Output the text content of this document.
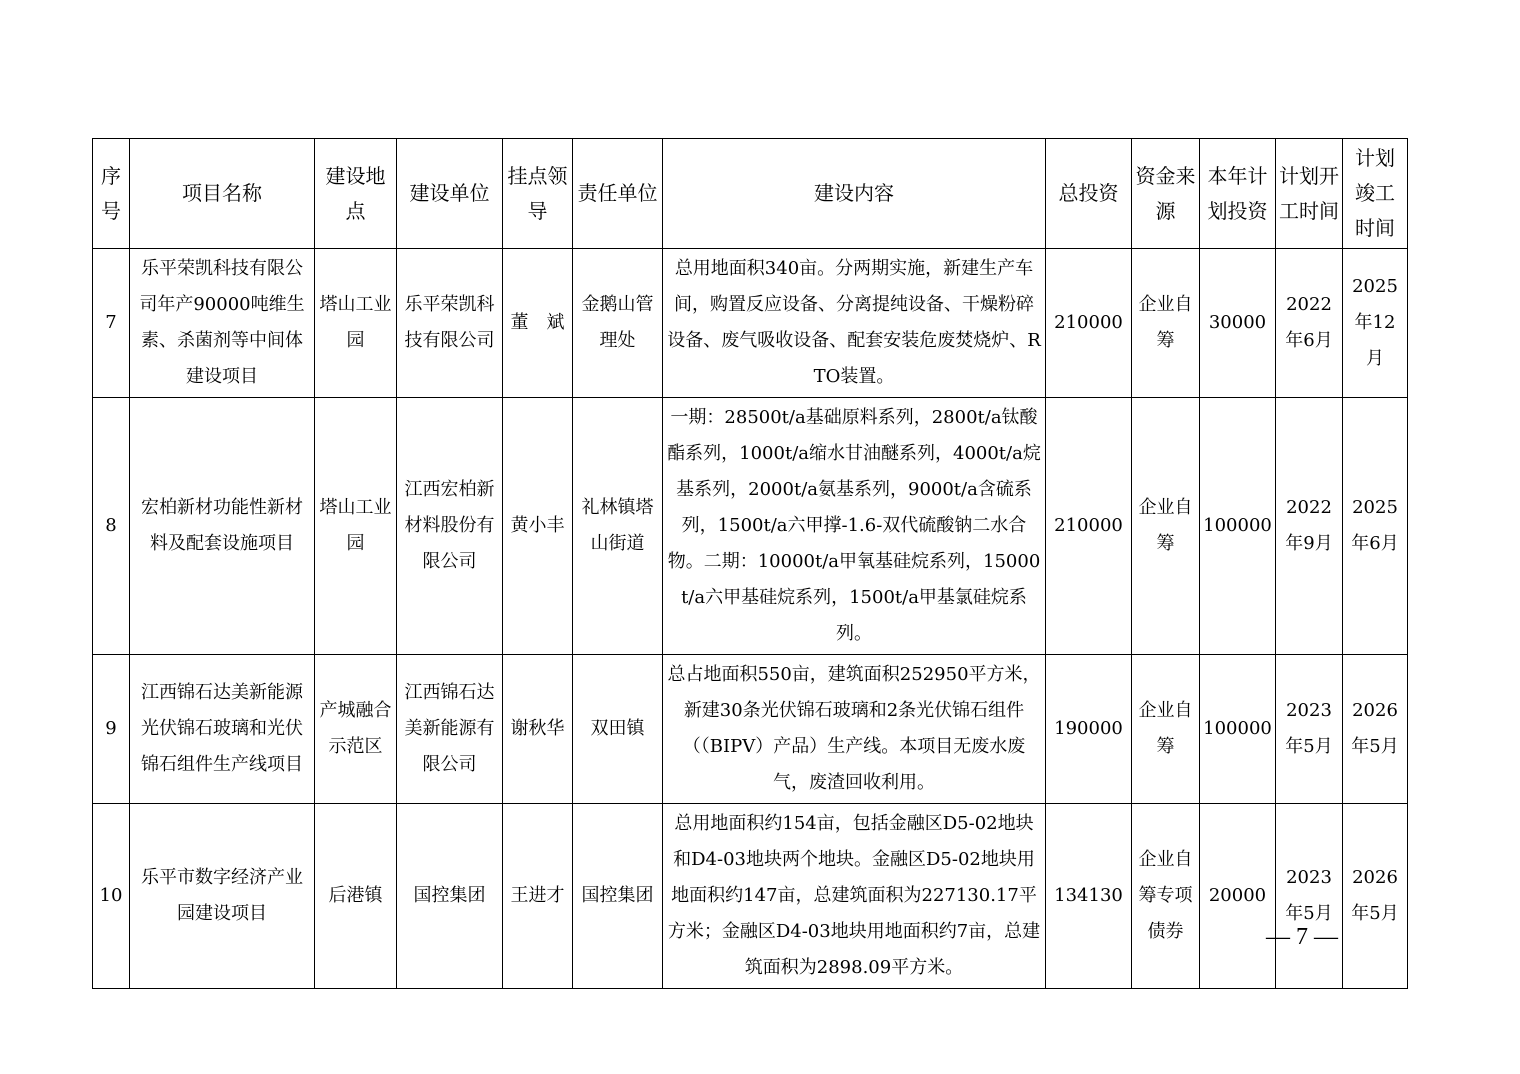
序号	项目名称	建设地点	建设单位	挂点领导	责任单位	建设内容	总投资	资金来源	本年计划投资	计划开工时间	计划竣工时间
7	乐平荣凯科技有限公司年产90000吨维生素、杀菌剂等中间体建设项目	塔山工业园	乐平荣凯科技有限公司	董　斌	金鹅山管理处	总用地面积340亩。分两期实施，新建生产车间，购置反应设备、分离提纯设备、干燥粉碎设备、废气吸收设备、配套安装危废焚烧炉、RTO装置。	210000	企业自筹	30000	2022年6月	2025年12月
8	宏柏新材功能性新材料及配套设施项目	塔山工业园	江西宏柏新材料股份有限公司	黄小丰	礼林镇塔山街道	一期：28500t/a基础原料系列，2800t/a钛酸酯系列，1000t/a缩水甘油醚系列，4000t/a烷基系列，2000t/a氨基系列，9000t/a含硫系列，1500t/a六甲撑-1.6-双代硫酸钠二水合物。二期：10000t/a甲氧基硅烷系列，15000t/a六甲基硅烷系列，1500t/a甲基氯硅烷系列。	210000	企业自筹	100000	2022年9月	2025年6月
9	江西锦石达美新能源光伏锦石玻璃和光伏锦石组件生产线项目	产城融合示范区	江西锦石达美新能源有限公司	谢秋华	双田镇	总占地面积550亩，建筑面积252950平方米，新建30条光伏锦石玻璃和2条光伏锦石组件（（BIPV）产品）生产线。本项目无废水废气，废渣回收利用。	190000	企业自筹	100000	2023年5月	2026年5月
10	乐平市数字经济产业园建设项目	后港镇	国控集团	王进才	国控集团	总用地面积约154亩，包括金融区D5-02地块和D4-03地块两个地块。金融区D5-02地块用地面积约147亩，总建筑面积为227130.17平方米；金融区D4-03地块用地面积约7亩，总建筑面积为2898.09平方米。	134130	企业自筹专项债券	20000	2023年5月	2026年5月
— 7 —
